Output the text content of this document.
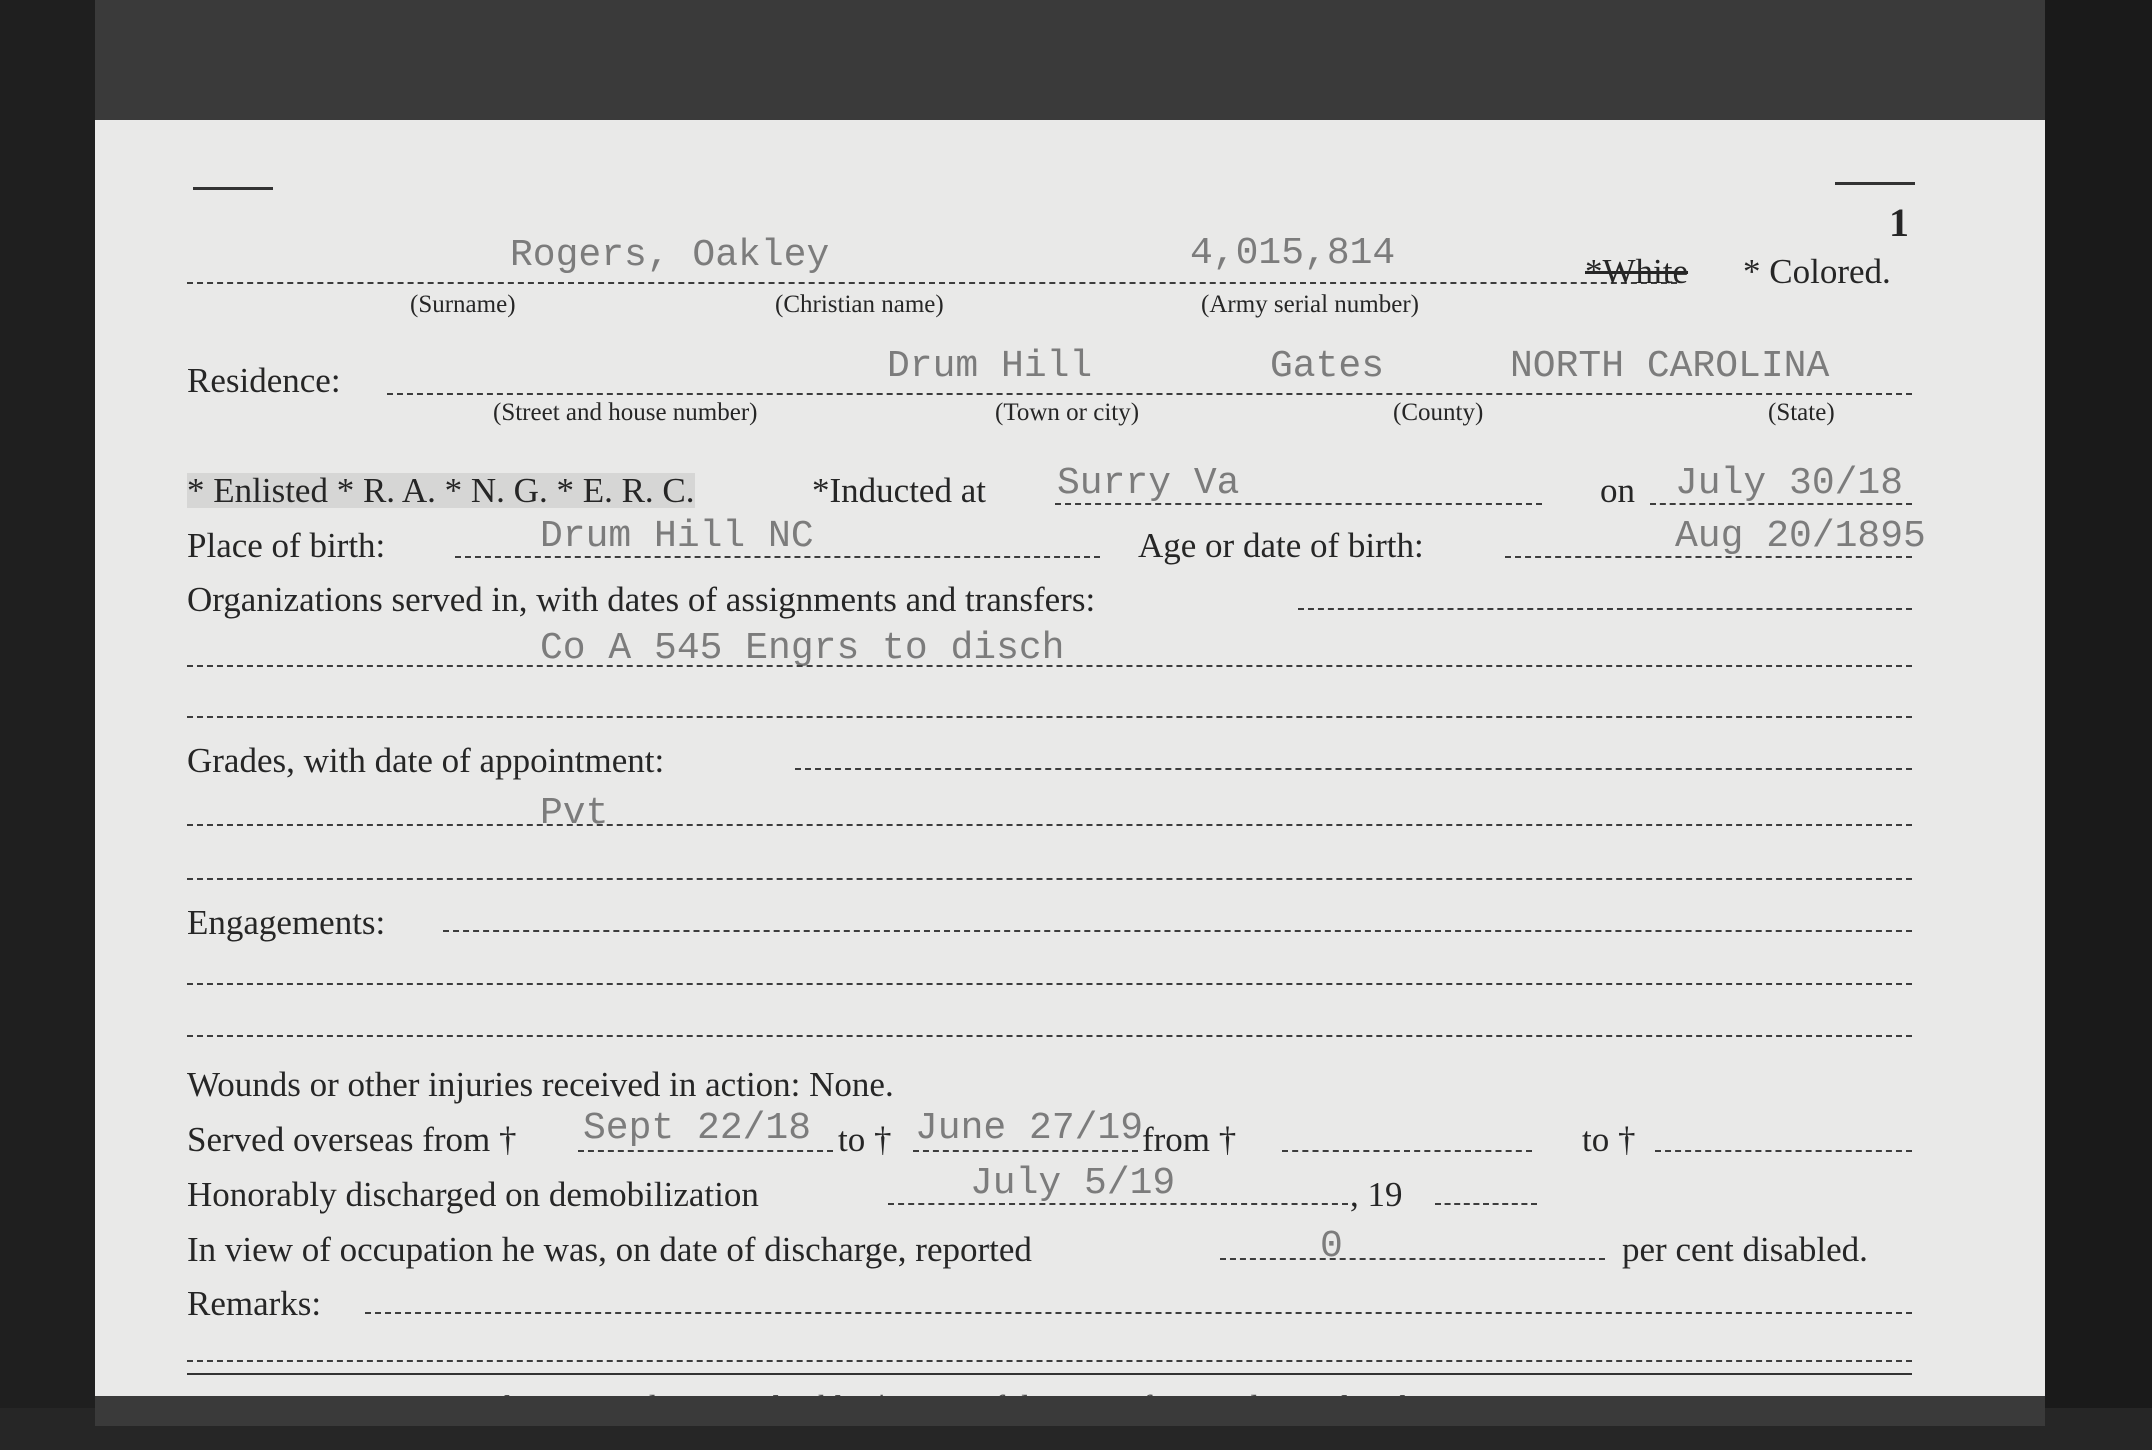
1
Rogers, Oakley	4,015,814	*White * Colored.
(Surname)	(Christian name)	(Army serial number)
Residence:	Drum Hill	Gates	NORTH CAROLINA
(Street and house number)	(Town or city)	(County)	(State)
* Enlisted * R. A. * N. G. * E. R. C.	*Inducted at Surry Va	on July 30/18
Place of birth:	Drum Hill NC	Age or date of birth:	Aug 20/1895
Organizations served in, with dates of assignments and transfers:
Co A 545 Engrs to disch
Grades, with date of appointment:
Pvt
Engagements:
Wounds or other injuries received in action: None.
Served overseas from † Sept 22/18 to † June 27/19
from †	to †
Honorably discharged on demobilization	July 5/19	, 19
In view of occupation he was, on date of discharge, reported	0	per cent disabled.
Remarks:
